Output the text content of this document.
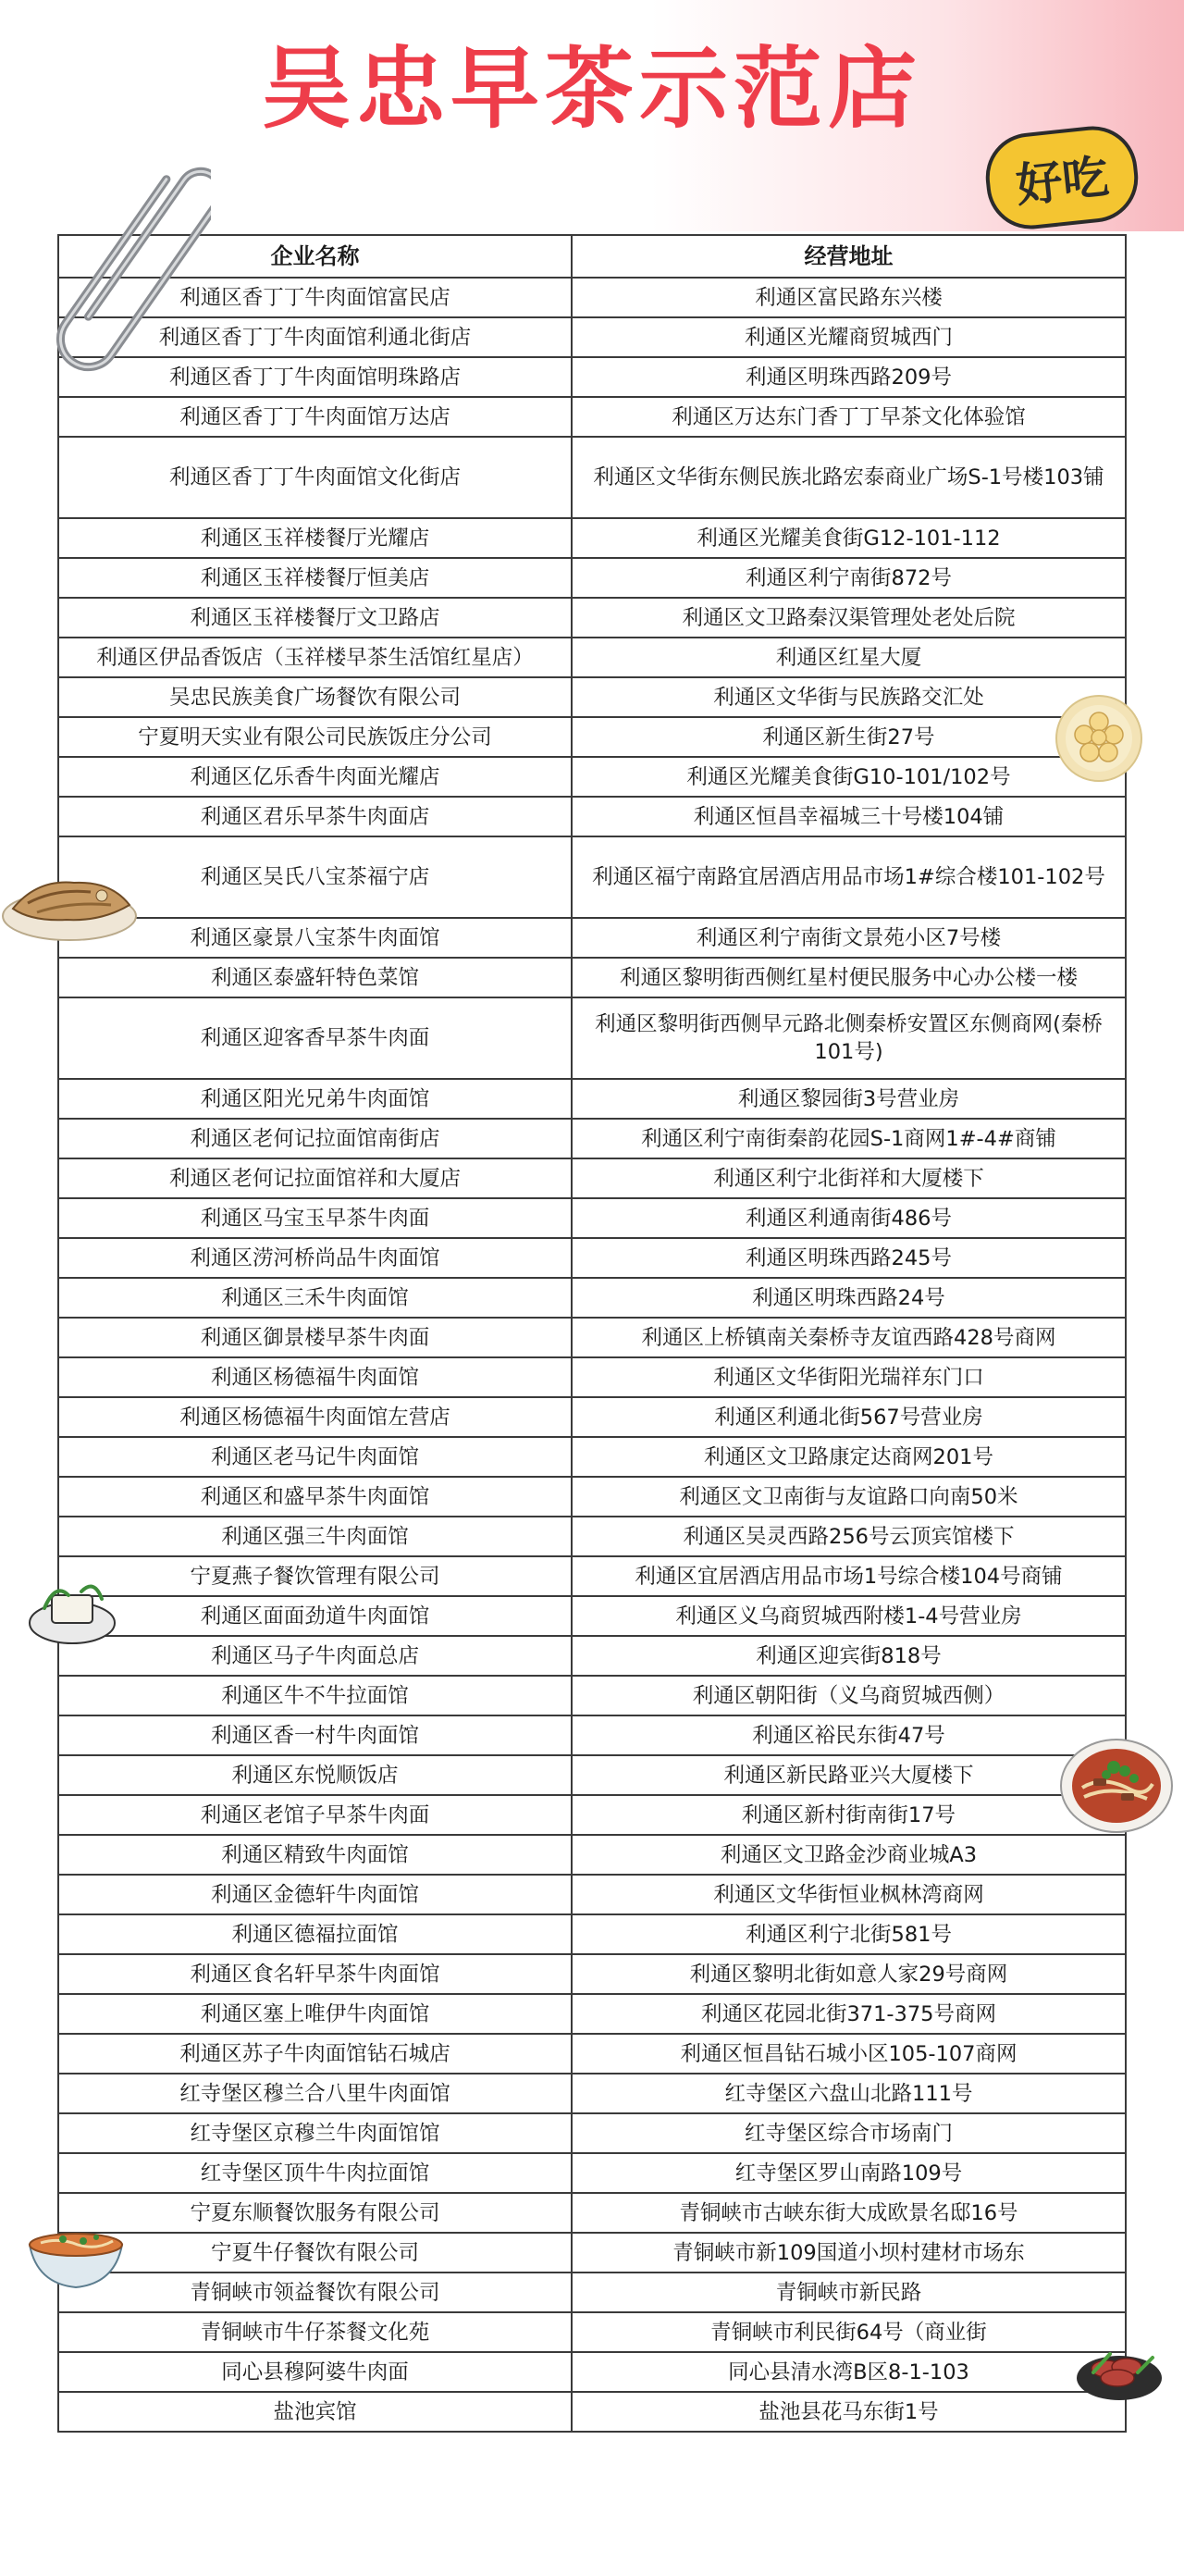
吴忠早茶示范店
好吃
企业名称	经营地址
利通区香丁丁牛肉面馆富民店	利通区富民路东兴楼
利通区香丁丁牛肉面馆利通北街店	利通区光耀商贸城西门
利通区香丁丁牛肉面馆明珠路店	利通区明珠西路209号
利通区香丁丁牛肉面馆万达店	利通区万达东门香丁丁早茶文化体验馆
利通区香丁丁牛肉面馆文化街店	利通区文华街东侧民族北路宏泰商业广场S-1号楼103铺
利通区玉祥楼餐厅光耀店	利通区光耀美食街G12-101-112
利通区玉祥楼餐厅恒美店	利通区利宁南街872号
利通区玉祥楼餐厅文卫路店	利通区文卫路秦汉渠管理处老处后院
利通区伊品香饭店（玉祥楼早茶生活馆红星店）	利通区红星大厦
吴忠民族美食广场餐饮有限公司	利通区文华街与民族路交汇处
宁夏明天实业有限公司民族饭庄分公司	利通区新生街27号
利通区亿乐香牛肉面光耀店	利通区光耀美食街G10-101/102号
利通区君乐早茶牛肉面店	利通区恒昌幸福城三十号楼104铺
利通区吴氏八宝茶福宁店	利通区福宁南路宜居酒店用品市场1#综合楼101-102号
利通区豪景八宝茶牛肉面馆	利通区利宁南街文景苑小区7号楼
利通区泰盛轩特色菜馆	利通区黎明街西侧红星村便民服务中心办公楼一楼
利通区迎客香早茶牛肉面	利通区黎明街西侧早元路北侧秦桥安置区东侧商网(秦桥101号)
利通区阳光兄弟牛肉面馆	利通区黎园街3号营业房
利通区老何记拉面馆南街店	利通区利宁南街秦韵花园S-1商网1#-4#商铺
利通区老何记拉面馆祥和大厦店	利通区利宁北街祥和大厦楼下
利通区马宝玉早茶牛肉面	利通区利通南街486号
利通区涝河桥尚品牛肉面馆	利通区明珠西路245号
利通区三禾牛肉面馆	利通区明珠西路24号
利通区御景楼早茶牛肉面	利通区上桥镇南关秦桥寺友谊西路428号商网
利通区杨德福牛肉面馆	利通区文华街阳光瑞祥东门口
利通区杨德福牛肉面馆左营店	利通区利通北街567号营业房
利通区老马记牛肉面馆	利通区文卫路康定达商网201号
利通区和盛早茶牛肉面馆	利通区文卫南街与友谊路口向南50米
利通区强三牛肉面馆	利通区吴灵西路256号云顶宾馆楼下
宁夏燕子餐饮管理有限公司	利通区宜居酒店用品市场1号综合楼104号商铺
利通区面面劲道牛肉面馆	利通区义乌商贸城西附楼1-4号营业房
利通区马子牛肉面总店	利通区迎宾街818号
利通区牛不牛拉面馆	利通区朝阳街（义乌商贸城西侧）
利通区香一村牛肉面馆	利通区裕民东街47号
利通区东悦顺饭店	利通区新民路亚兴大厦楼下
利通区老馆子早茶牛肉面	利通区新村街南街17号
利通区精致牛肉面馆	利通区文卫路金沙商业城A3
利通区金德轩牛肉面馆	利通区文华街恒业枫林湾商网
利通区德福拉面馆	利通区利宁北街581号
利通区食名轩早茶牛肉面馆	利通区黎明北街如意人家29号商网
利通区塞上唯伊牛肉面馆	利通区花园北街371-375号商网
利通区苏子牛肉面馆钻石城店	利通区恒昌钻石城小区105-107商网
红寺堡区穆兰合八里牛肉面馆	红寺堡区六盘山北路111号
红寺堡区京穆兰牛肉面馆馆	红寺堡区综合市场南门
红寺堡区顶牛牛肉拉面馆	红寺堡区罗山南路109号
宁夏东顺餐饮服务有限公司	青铜峡市古峡东街大成欧景名邸16号
宁夏牛仔餐饮有限公司	青铜峡市新109国道小坝村建材市场东
青铜峡市领益餐饮有限公司	青铜峡市新民路
青铜峡市牛仔茶餐文化苑	青铜峡市利民街64号（商业街
同心县穆阿婆牛肉面	同心县清水湾B区8-1-103
盐池宾馆	盐池县花马东街1号
